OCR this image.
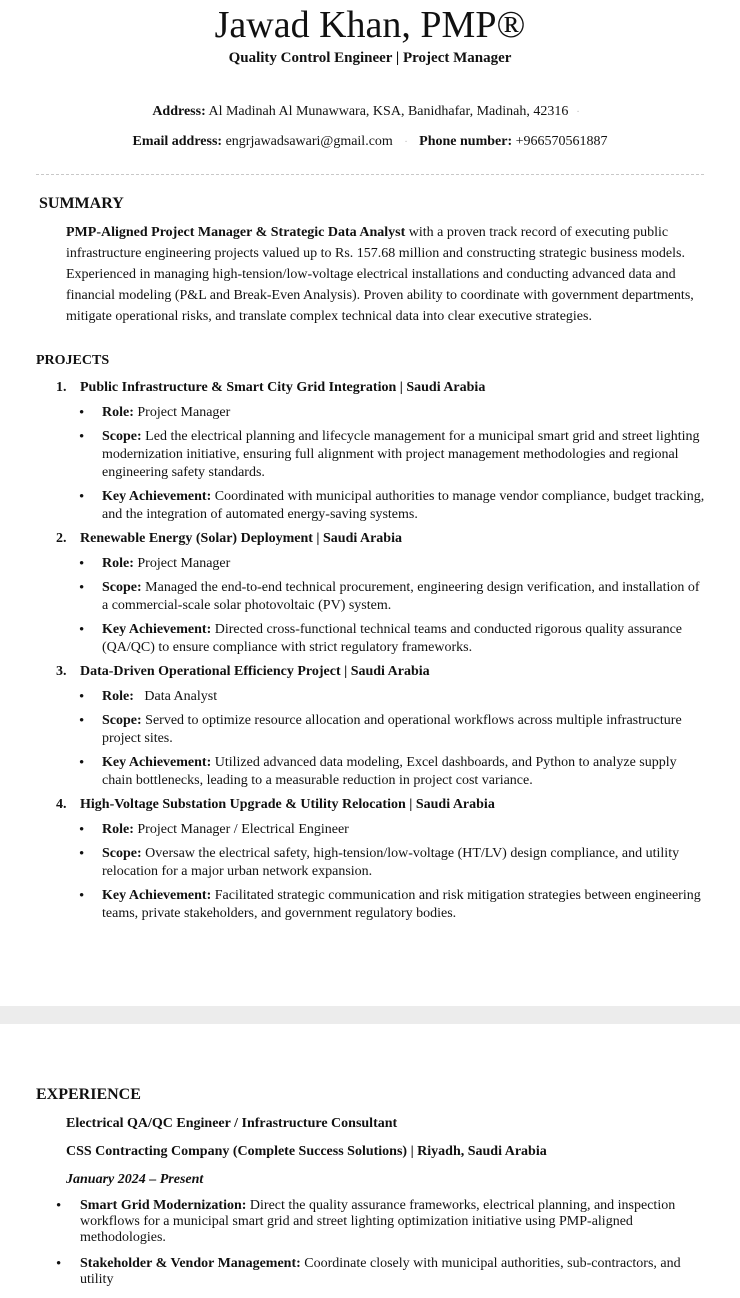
Jawad Khan, PMP®
Quality Control Engineer | Project Manager
Address: Al Madinah Al Munawwara, KSA, Banidhafar, Madinah, 42316 ·
Email address: engrjawadsawari@gmail.com · Phone number: +966570561887
SUMMARY
PMP-Aligned Project Manager & Strategic Data Analyst with a proven track record of executing public infrastructure engineering projects valued up to Rs. 157.68 million and constructing strategic business models. Experienced in managing high-tension/low-voltage electrical installations and conducting advanced data and financial modeling (P&L and Break-Even Analysis). Proven ability to coordinate with government departments, mitigate operational risks, and translate complex technical data into clear executive strategies.
PROJECTS
1. Public Infrastructure & Smart City Grid Integration | Saudi Arabia
• Role: Project Manager
• Scope: Led the electrical planning and lifecycle management for a municipal smart grid and street lighting modernization initiative, ensuring full alignment with project management methodologies and regional engineering safety standards.
• Key Achievement: Coordinated with municipal authorities to manage vendor compliance, budget tracking, and the integration of automated energy-saving systems.
2. Renewable Energy (Solar) Deployment | Saudi Arabia
• Role: Project Manager
• Scope: Managed the end-to-end technical procurement, engineering design verification, and installation of a commercial-scale solar photovoltaic (PV) system.
• Key Achievement: Directed cross-functional technical teams and conducted rigorous quality assurance (QA/QC) to ensure compliance with strict regulatory frameworks.
3. Data-Driven Operational Efficiency Project | Saudi Arabia
• Role:   Data Analyst
• Scope: Served to optimize resource allocation and operational workflows across multiple infrastructure project sites.
• Key Achievement: Utilized advanced data modeling, Excel dashboards, and Python to analyze supply chain bottlenecks, leading to a measurable reduction in project cost variance.
4. High-Voltage Substation Upgrade & Utility Relocation | Saudi Arabia
• Role: Project Manager / Electrical Engineer
• Scope: Oversaw the electrical safety, high-tension/low-voltage (HT/LV) design compliance, and utility relocation for a major urban network expansion.
• Key Achievement: Facilitated strategic communication and risk mitigation strategies between engineering teams, private stakeholders, and government regulatory bodies.
EXPERIENCE
Electrical QA/QC Engineer / Infrastructure Consultant
CSS Contracting Company (Complete Success Solutions) | Riyadh, Saudi Arabia
January 2024 – Present
• Smart Grid Modernization: Direct the quality assurance frameworks, electrical planning, and inspection workflows for a municipal smart grid and street lighting optimization initiative using PMP-aligned methodologies.
• Stakeholder & Vendor Management: Coordinate closely with municipal authorities, sub-contractors, and utility
